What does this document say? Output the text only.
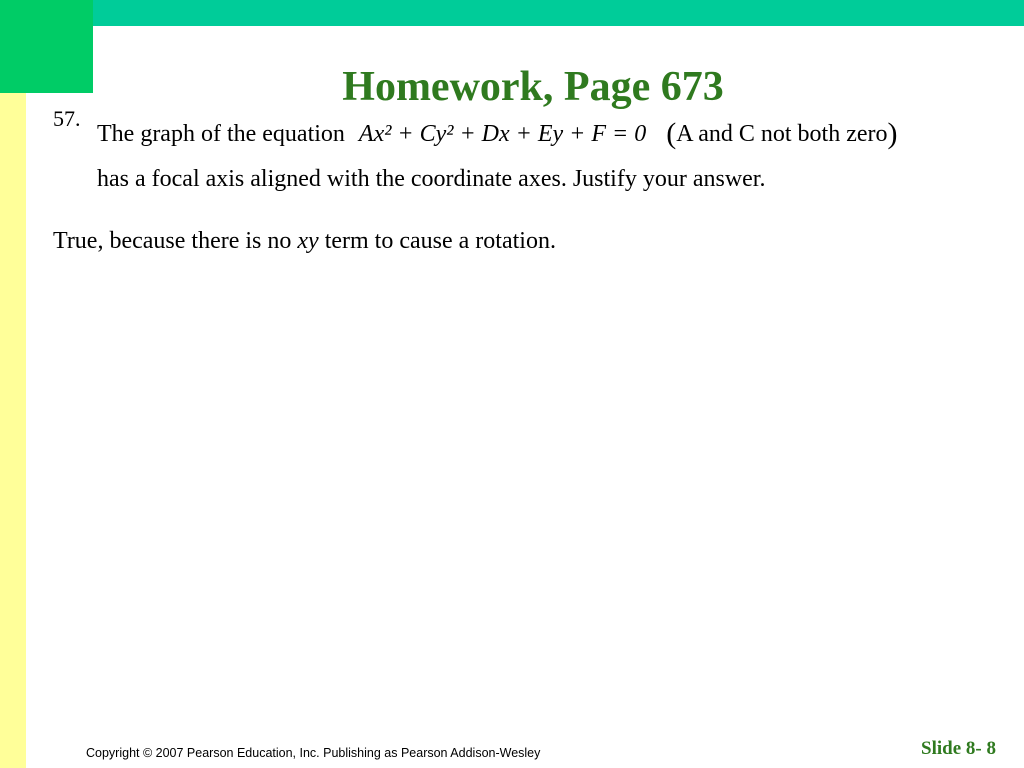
Homework, Page 673
57.
The graph of the equation Ax² + Cy² + Dx + Ey + F = 0 (A and C not both zero)
has a focal axis aligned with the coordinate axes. Justify your answer.
True, because there is no xy term to cause a rotation.
Copyright © 2007 Pearson Education, Inc. Publishing as Pearson Addison-Wesley	Slide 8- 8
